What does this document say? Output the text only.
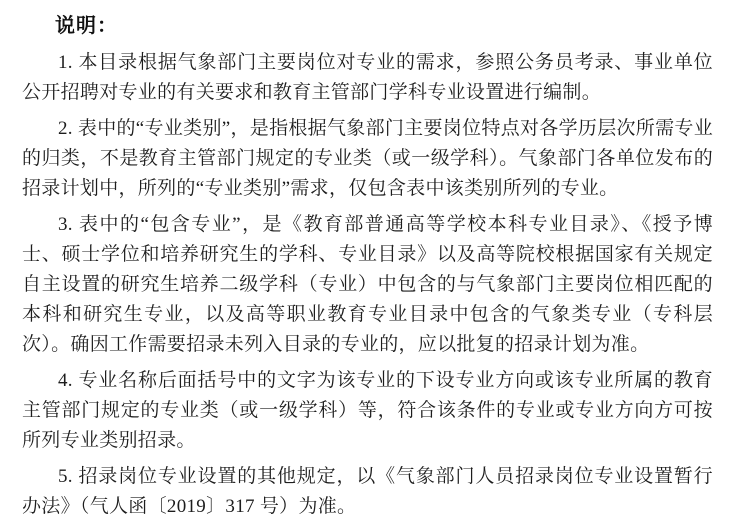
说明：

1. 本目录根据气象部门主要岗位对专业的需求，参照公务员考录、事业单位公开招聘对专业的有关要求和教育主管部门学科专业设置进行编制。

2. 表中的“专业类别”，是指根据气象部门主要岗位特点对各学历层次所需专业的归类，不是教育主管部门规定的专业类（或一级学科）。气象部门各单位发布的招录计划中，所列的“专业类别”需求，仅包含表中该类别所列的专业。

3. 表中的“包含专业”，是《教育部普通高等学校本科专业目录》、《授予博士、硕士学位和培养研究生的学科、专业目录》以及高等院校根据国家有关规定自主设置的研究生培养二级学科（专业）中包含的与气象部门主要岗位相匹配的本科和研究生专业，以及高等职业教育专业目录中包含的气象类专业（专科层次）。确因工作需要招录未列入目录的专业的，应以批复的招录计划为准。

4. 专业名称后面括号中的文字为该专业的下设专业方向或该专业所属的教育主管部门规定的专业类（或一级学科）等，符合该条件的专业或专业方向方可按所列专业类别招录。

5. 招录岗位专业设置的其他规定，以《气象部门人员招录岗位专业设置暂行办法》（气人函〔2019〕317 号）为准。
